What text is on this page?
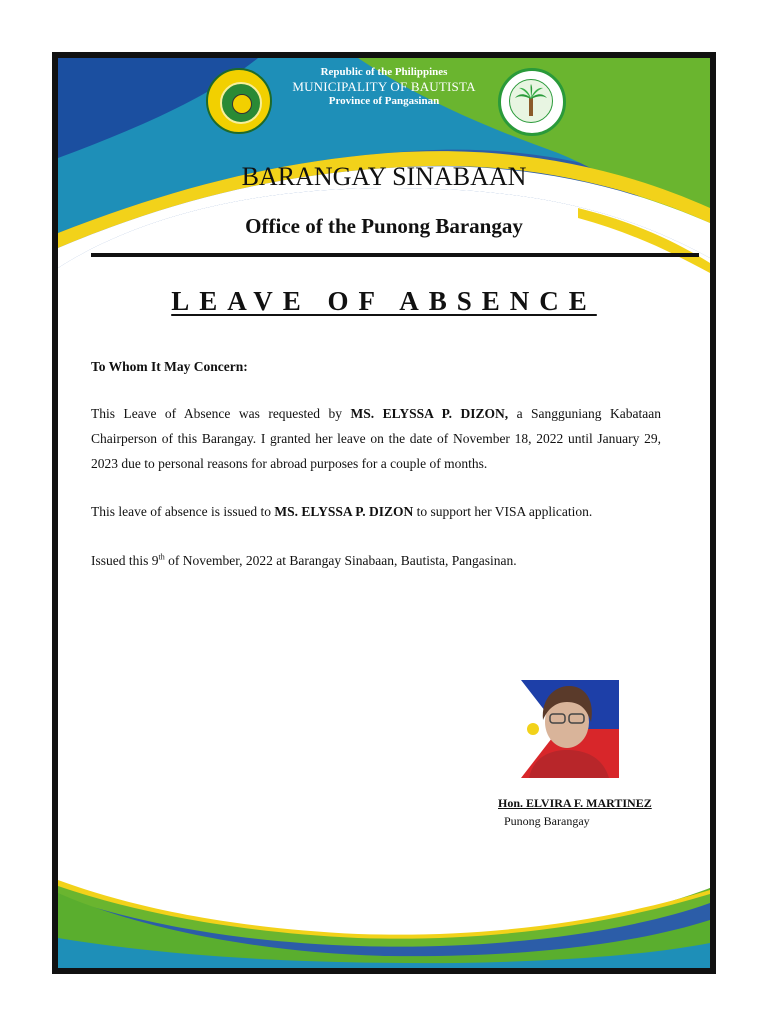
Republic of the Philippines
MUNICIPALITY OF BAUTISTA
Province of Pangasinan
BARANGAY SINABAAN
Office of the Punong Barangay
LEAVE OF ABSENCE
To Whom It May Concern:
This Leave of Absence was requested by MS. ELYSSA P. DIZON, a Sangguniang Kabataan Chairperson of this Barangay. I granted her leave on the date of November 18, 2022 until January 29, 2023 due to personal reasons for abroad purposes for a couple of months.
This leave of absence is issued to MS. ELYSSA P. DIZON to support her VISA application.
Issued this 9th of November, 2022 at Barangay Sinabaan, Bautista, Pangasinan.
Hon. ELVIRA F. MARTINEZ
Punong Barangay
